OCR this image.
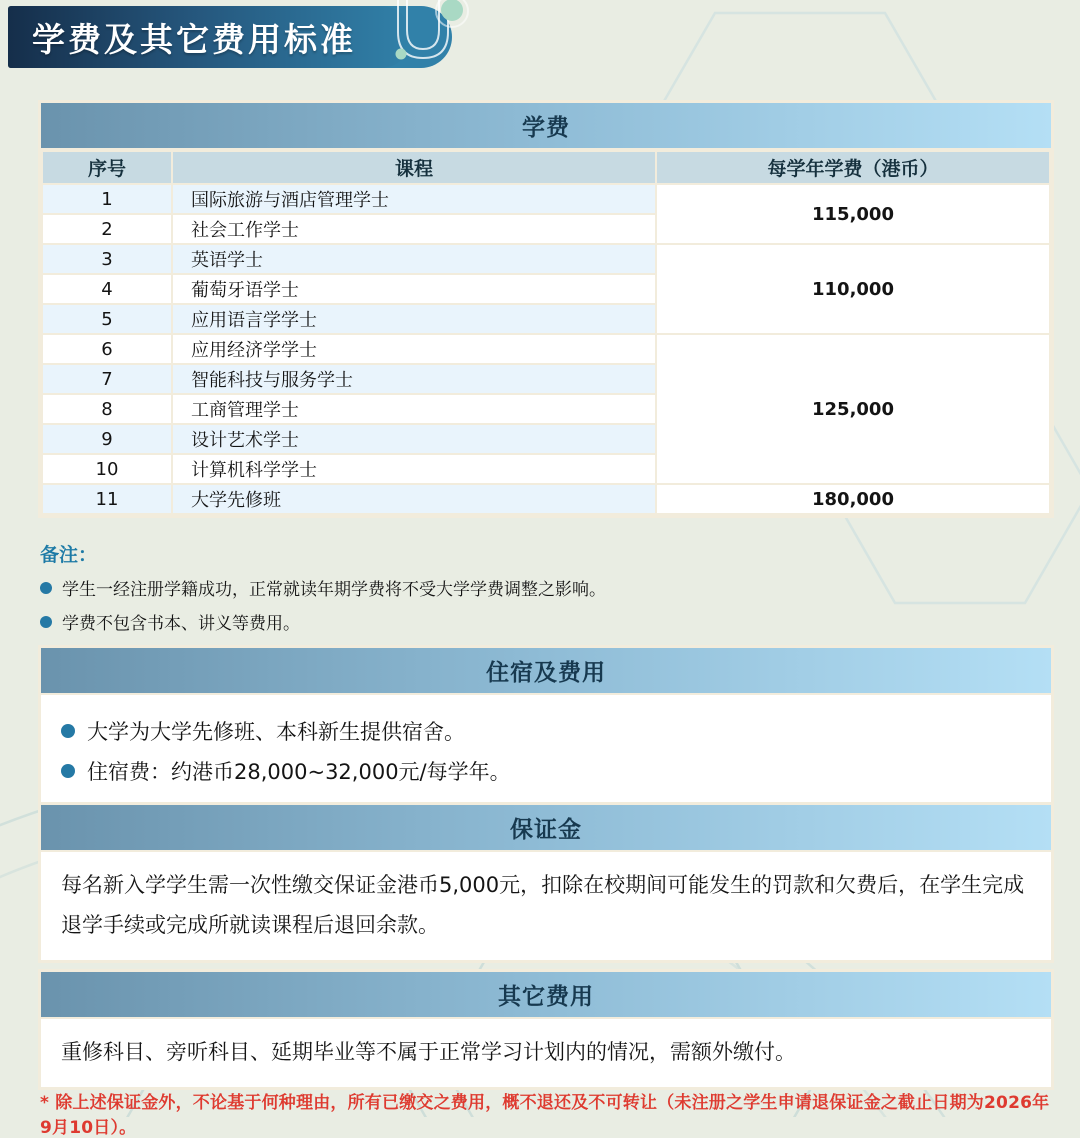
学费及其它费用标准
学费
序号	课程	每学年学费（港币）
1	国际旅游与酒店管理学士	115,000
2	社会工作学士	
3	英语学士	110,000
4	葡萄牙语学士	
5	应用语言学学士	
6	应用经济学学士	125,000
7	智能科技与服务学士	
8	工商管理学士	
9	设计艺术学士	
10	计算机科学学士	
11	大学先修班	180,000
备注：
学生一经注册学籍成功，正常就读年期学费将不受大学学费调整之影响。
学费不包含书本、讲义等费用。
住宿及费用
大学为大学先修班、本科新生提供宿舍。
住宿费：约港币28,000~32,000元/每学年。
保证金

每名新入学学生需一次性缴交保证金港币5,000元，扣除在校期间可能发生的罚款和欠费后，在学生完成退学手续或完成所就读课程后退回余款。

其它费用

重修科目、旁听科目、延期毕业等不属于正常学习计划内的情况，需额外缴付。

* 除上述保证金外，不论基于何种理由，所有已缴交之费用，概不退还及不可转让（未注册之学生申请退保证金之截止日期为2026年9月10日）。
